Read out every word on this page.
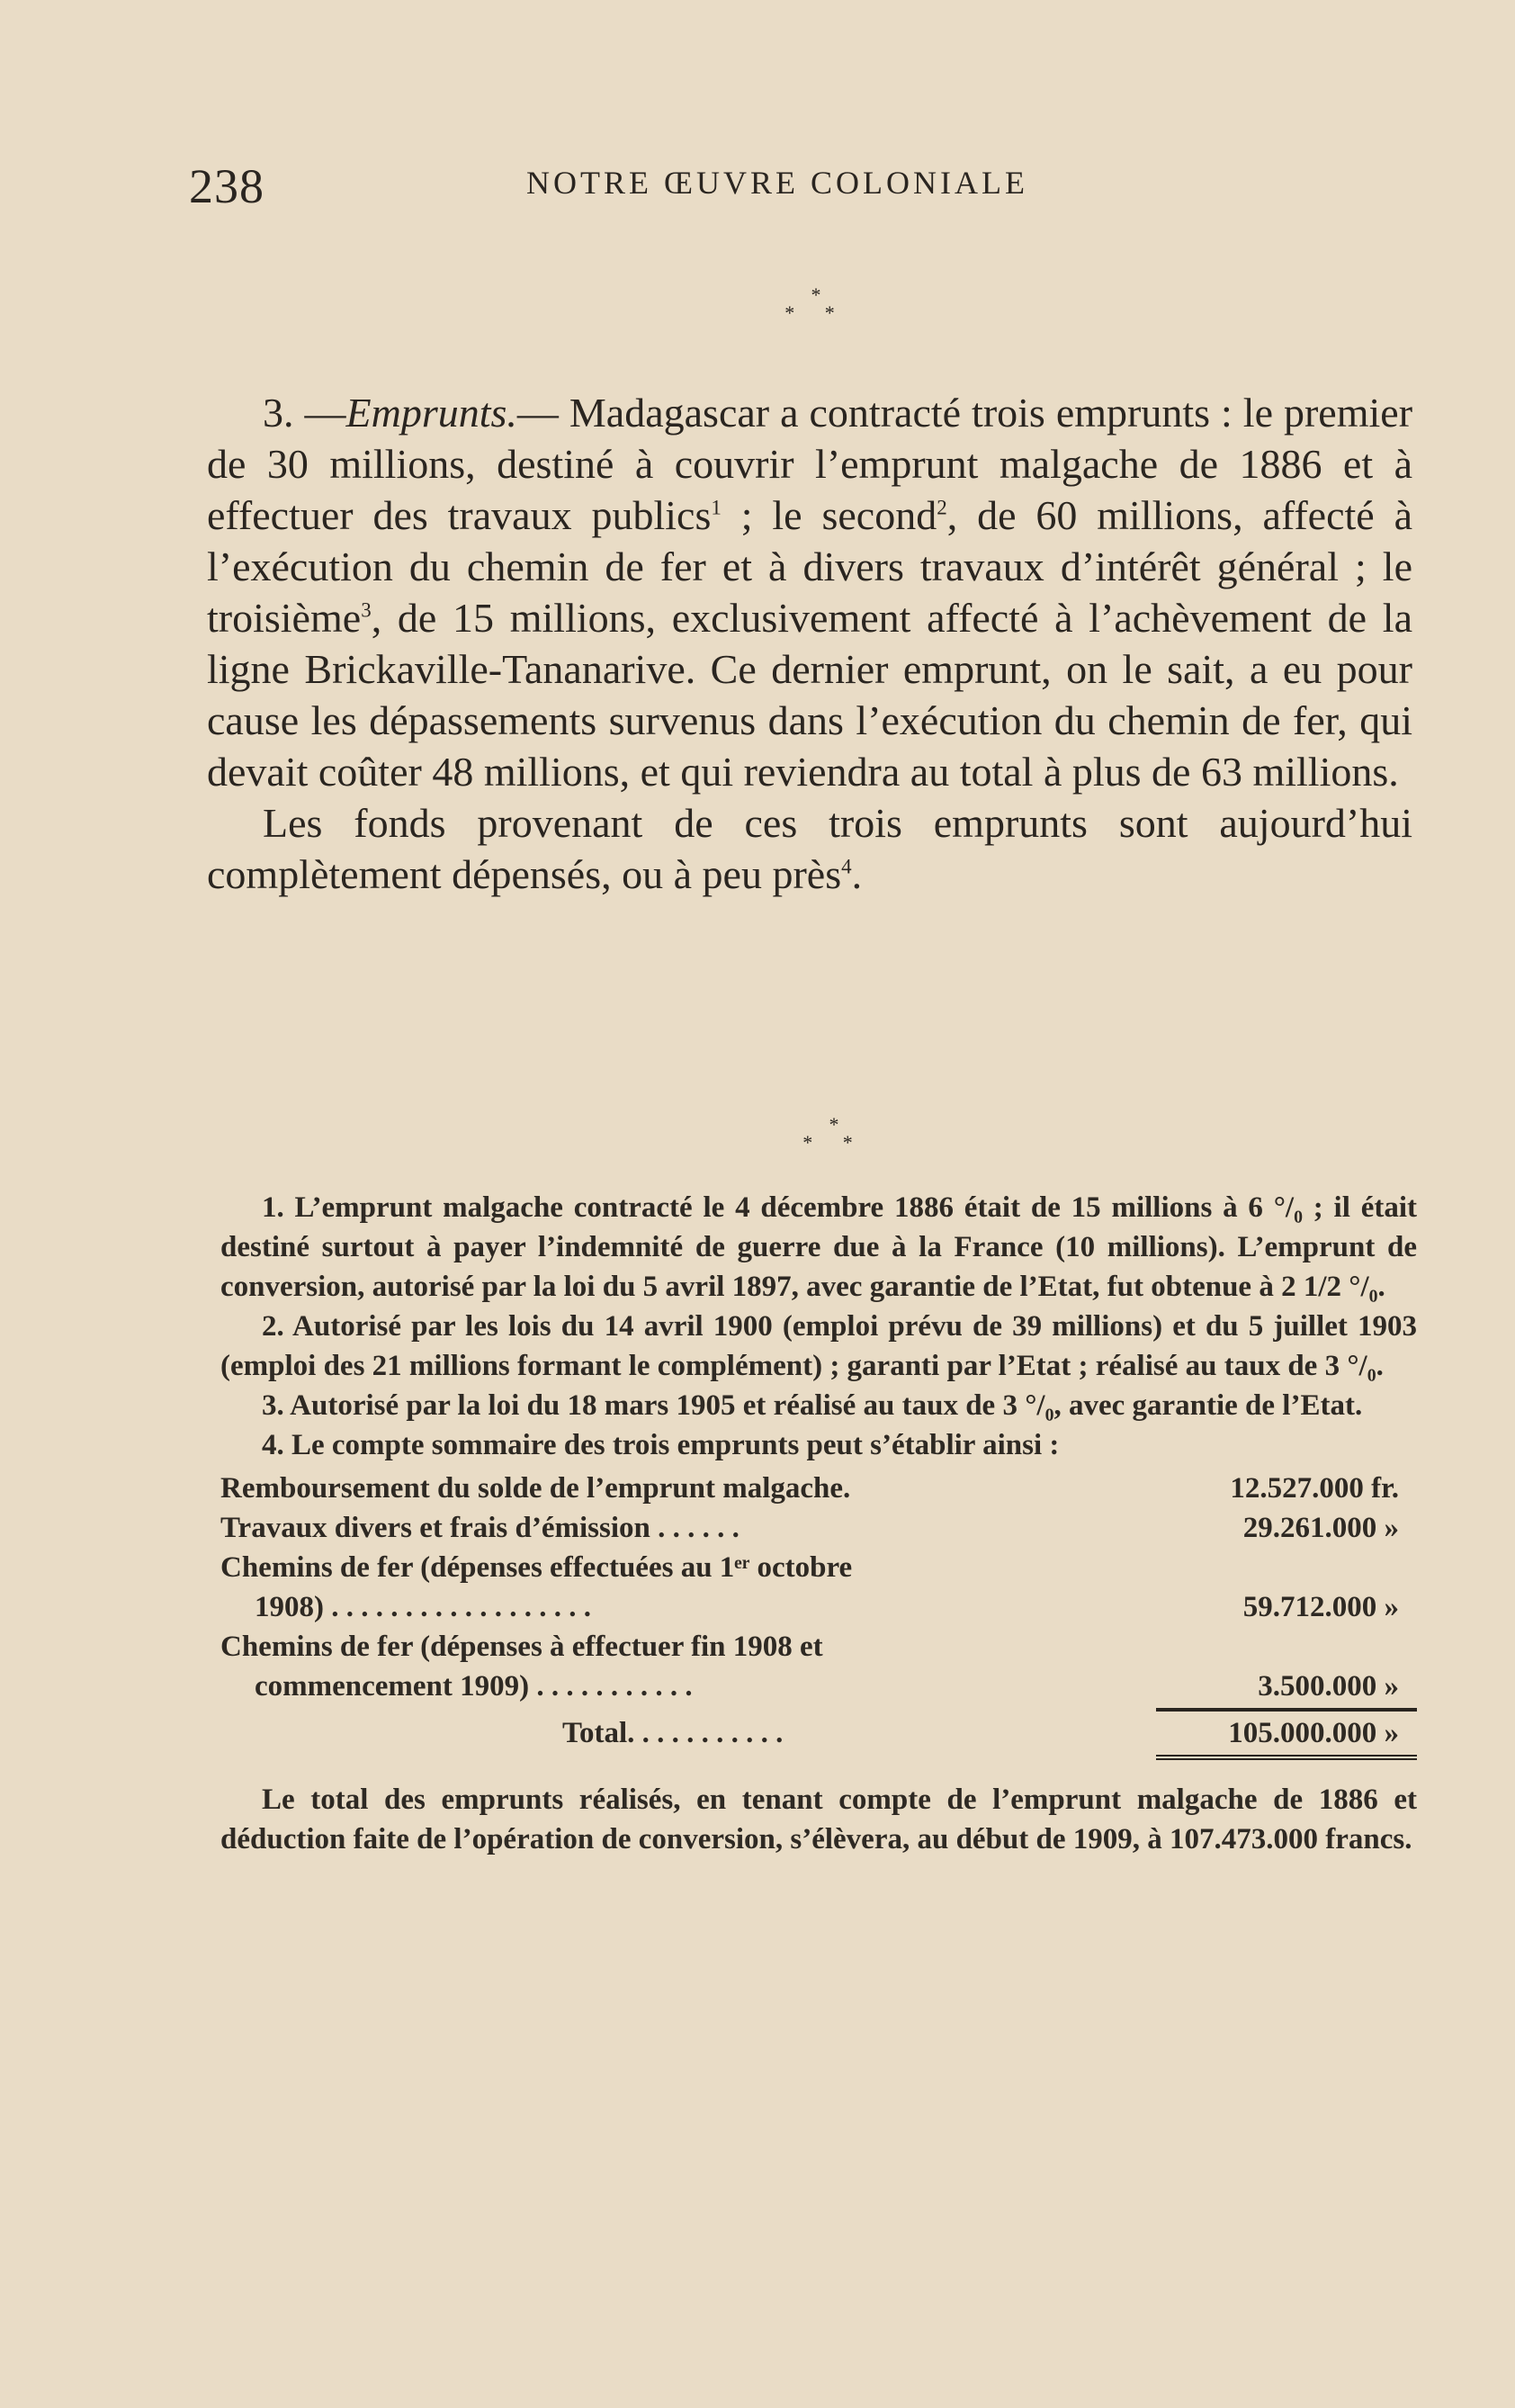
238	NOTRE ŒUVRE COLONIALE
*
* *

3. —Emprunts.— Madagascar a contracté trois emprunts : le premier de 30 millions, destiné à couvrir l’emprunt malgache de 1886 et à effectuer des travaux publics$^1$ ; le second$^2$, de 60 millions, affecté à l’exécution du chemin de fer et à divers travaux d’intérêt général ; le troisième$^3$, de 15 millions, exclusivement affecté à l’achèvement de la ligne Brickaville-Tananarive. Ce dernier emprunt, on le sait, a eu pour cause les dépassements survenus dans l’exécution du chemin de fer, qui devait coûter 48 millions, et qui reviendra au total à plus de 63 millions.

Les fonds provenant de ces trois emprunts sont aujourd’hui complètement dépensés, ou à peu près$^4$.

*
* *

1. L’emprunt malgache contracté le 4 décembre 1886 était de 15 millions à 6 °/₀ ; il était destiné surtout à payer l’indemnité de guerre due à la France (10 millions). L’emprunt de conversion, autorisé par la loi du 5 avril 1897, avec garantie de l’Etat, fut obtenue à 2 1/2 °/₀.

2. Autorisé par les lois du 14 avril 1900 (emploi prévu de 39 millions) et du 5 juillet 1903 (emploi des 21 millions formant le complément) ; garanti par l’Etat ; réalisé au taux de 3 °/₀.

3. Autorisé par la loi du 18 mars 1905 et réalisé au taux de 3 °/₀, avec garantie de l’Etat.

4. Le compte sommaire des trois emprunts peut s’établir ainsi :

Remboursement du solde de l’emprunt malgache.	12.527.000 fr.
Travaux divers et frais d’émission . . . . . .	29.261.000 »
Chemins de fer (dépenses effectuées au 1ᵉʳ octobre
1908) . . . . . . . . . . . . . . . . . .	59.712.000 »
Chemins de fer (dépenses à effectuer fin 1908 et
commencement 1909) . . . . . . . . . . .	3.500.000 »
Total. . . . . . . . . . .	105.000.000 »

Le total des emprunts réalisés, en tenant compte de l’emprunt malgache de 1886 et déduction faite de l’opération de conversion, s’élèvera, au début de 1909, à 107.473.000 francs.
